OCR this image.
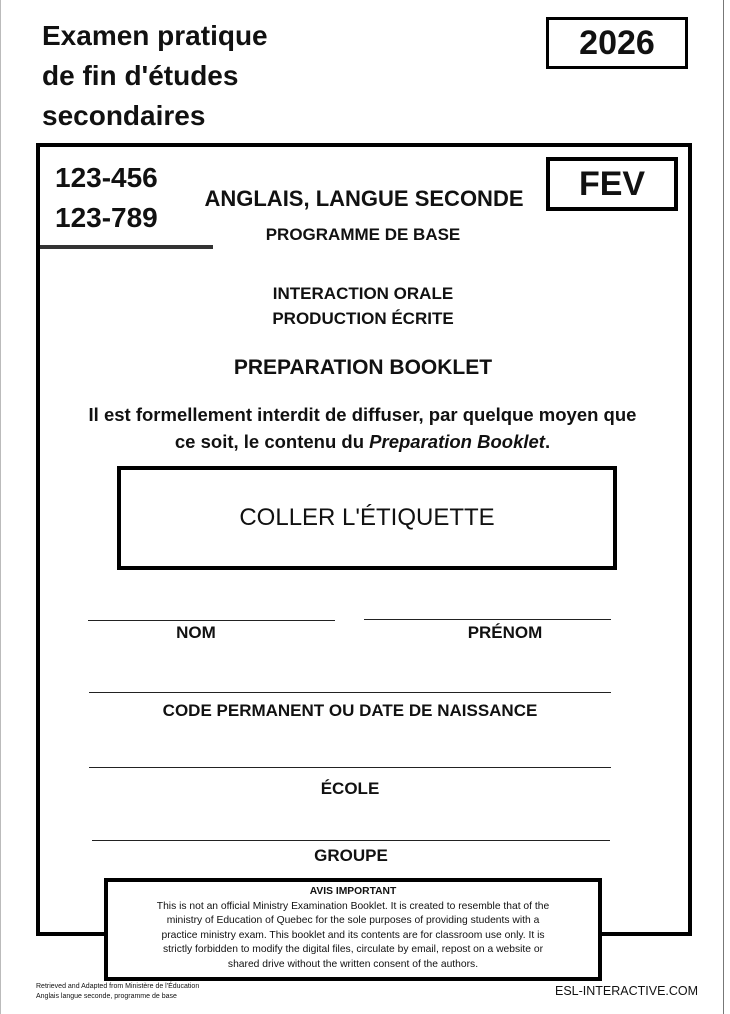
Examen pratique
de fin d'études
secondaires
2026
123-456
123-789
FEV
ANGLAIS, LANGUE SECONDE
PROGRAMME DE BASE
INTERACTION ORALE
PRODUCTION ÉCRITE
PREPARATION BOOKLET
Il est formellement interdit de diffuser, par quelque moyen que ce soit, le contenu du Preparation Booklet.
COLLER L'ÉTIQUETTE
NOM	PRÉNOM
CODE PERMANENT OU DATE DE NAISSANCE
ÉCOLE
GROUPE
AVIS IMPORTANT
This is not an official Ministry Examination Booklet. It is created to resemble that of the
ministry of Education of Quebec for the sole purposes of providing students with a
practice ministry exam. This booklet and its contents are for classroom use only. It is
strictly forbidden to modify the digital files, circulate by email, repost on a website or
shared drive without the written consent of the authors.
Retrieved and Adapted from Ministère de l'Éducation
Anglais langue seconde, programme de base	ESL-INTERACTIVE.COM
